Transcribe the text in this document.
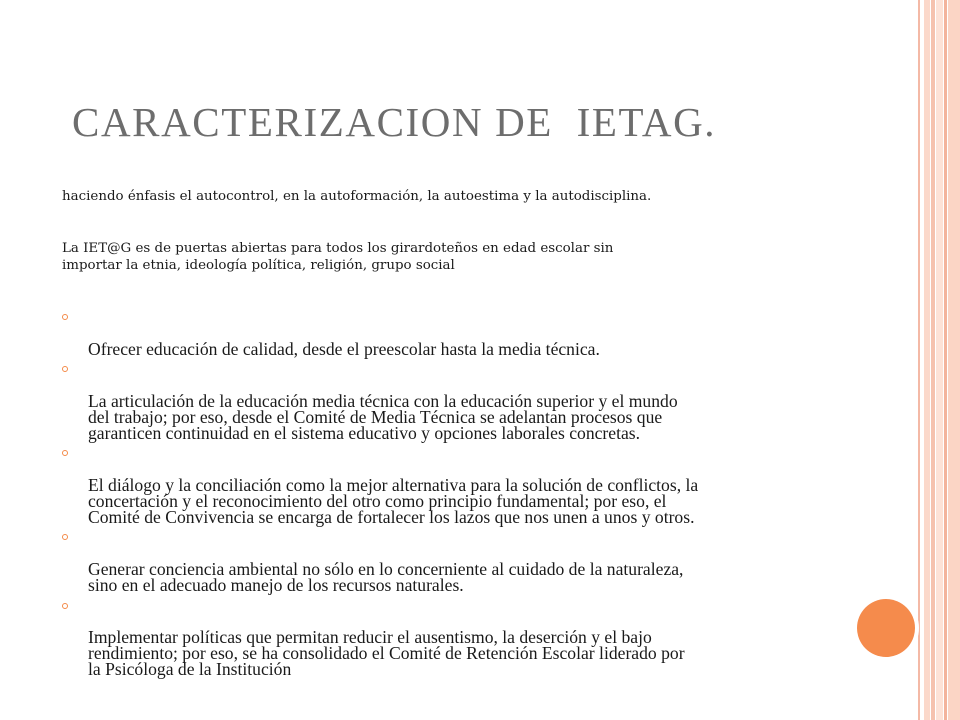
CARACTERIZACION DE  IETAG.
haciendo énfasis el autocontrol, en la autoformación, la autoestima y la autodisciplina.
La IET@G es de puertas abiertas para todos los girardoteños en edad escolar sin
importar la etnia, ideología política, religión, grupo social

Ofrecer educación de calidad, desde el preescolar hasta la media técnica.

La articulación de la educación media técnica con la educación superior y el mundo
del trabajo; por eso, desde el Comité de Media Técnica se adelantan procesos que
garanticen continuidad en el sistema educativo y opciones laborales concretas.

El diálogo y la conciliación como la mejor alternativa para la solución de conflictos, la
concertación y el reconocimiento del otro como principio fundamental; por eso, el
Comité de Convivencia se encarga de fortalecer los lazos que nos unen a unos y otros.

Generar conciencia ambiental no sólo en lo concerniente al cuidado de la naturaleza,
sino en el adecuado manejo de los recursos naturales.

Implementar políticas que permitan reducir el ausentismo, la deserción y el bajo
rendimiento; por eso, se ha consolidado el Comité de Retención Escolar liderado por
la Psicóloga de la Institución
